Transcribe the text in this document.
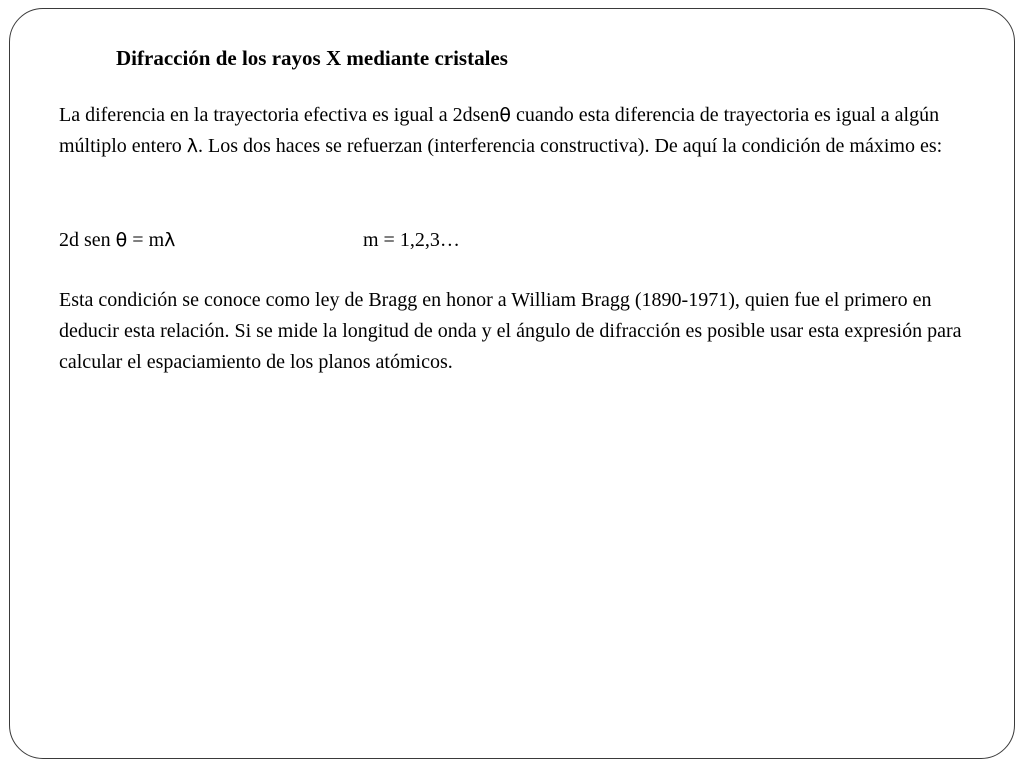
Difracción de los rayos X mediante cristales

La diferencia en la trayectoria efectiva es igual a 2dsenθ cuando esta diferencia de trayectoria es igual a algún múltiplo entero λ. Los dos haces se refuerzan (interferencia constructiva). De aquí la condición de máximo es:

2d sen θ = mλ	m = 1,2,3…

Esta condición se conoce como ley de Bragg en honor a William Bragg (1890-1971), quien fue el primero en deducir esta relación. Si se mide la longitud de onda y el ángulo de difracción es posible usar esta expresión para calcular el espaciamiento de los planos atómicos.
